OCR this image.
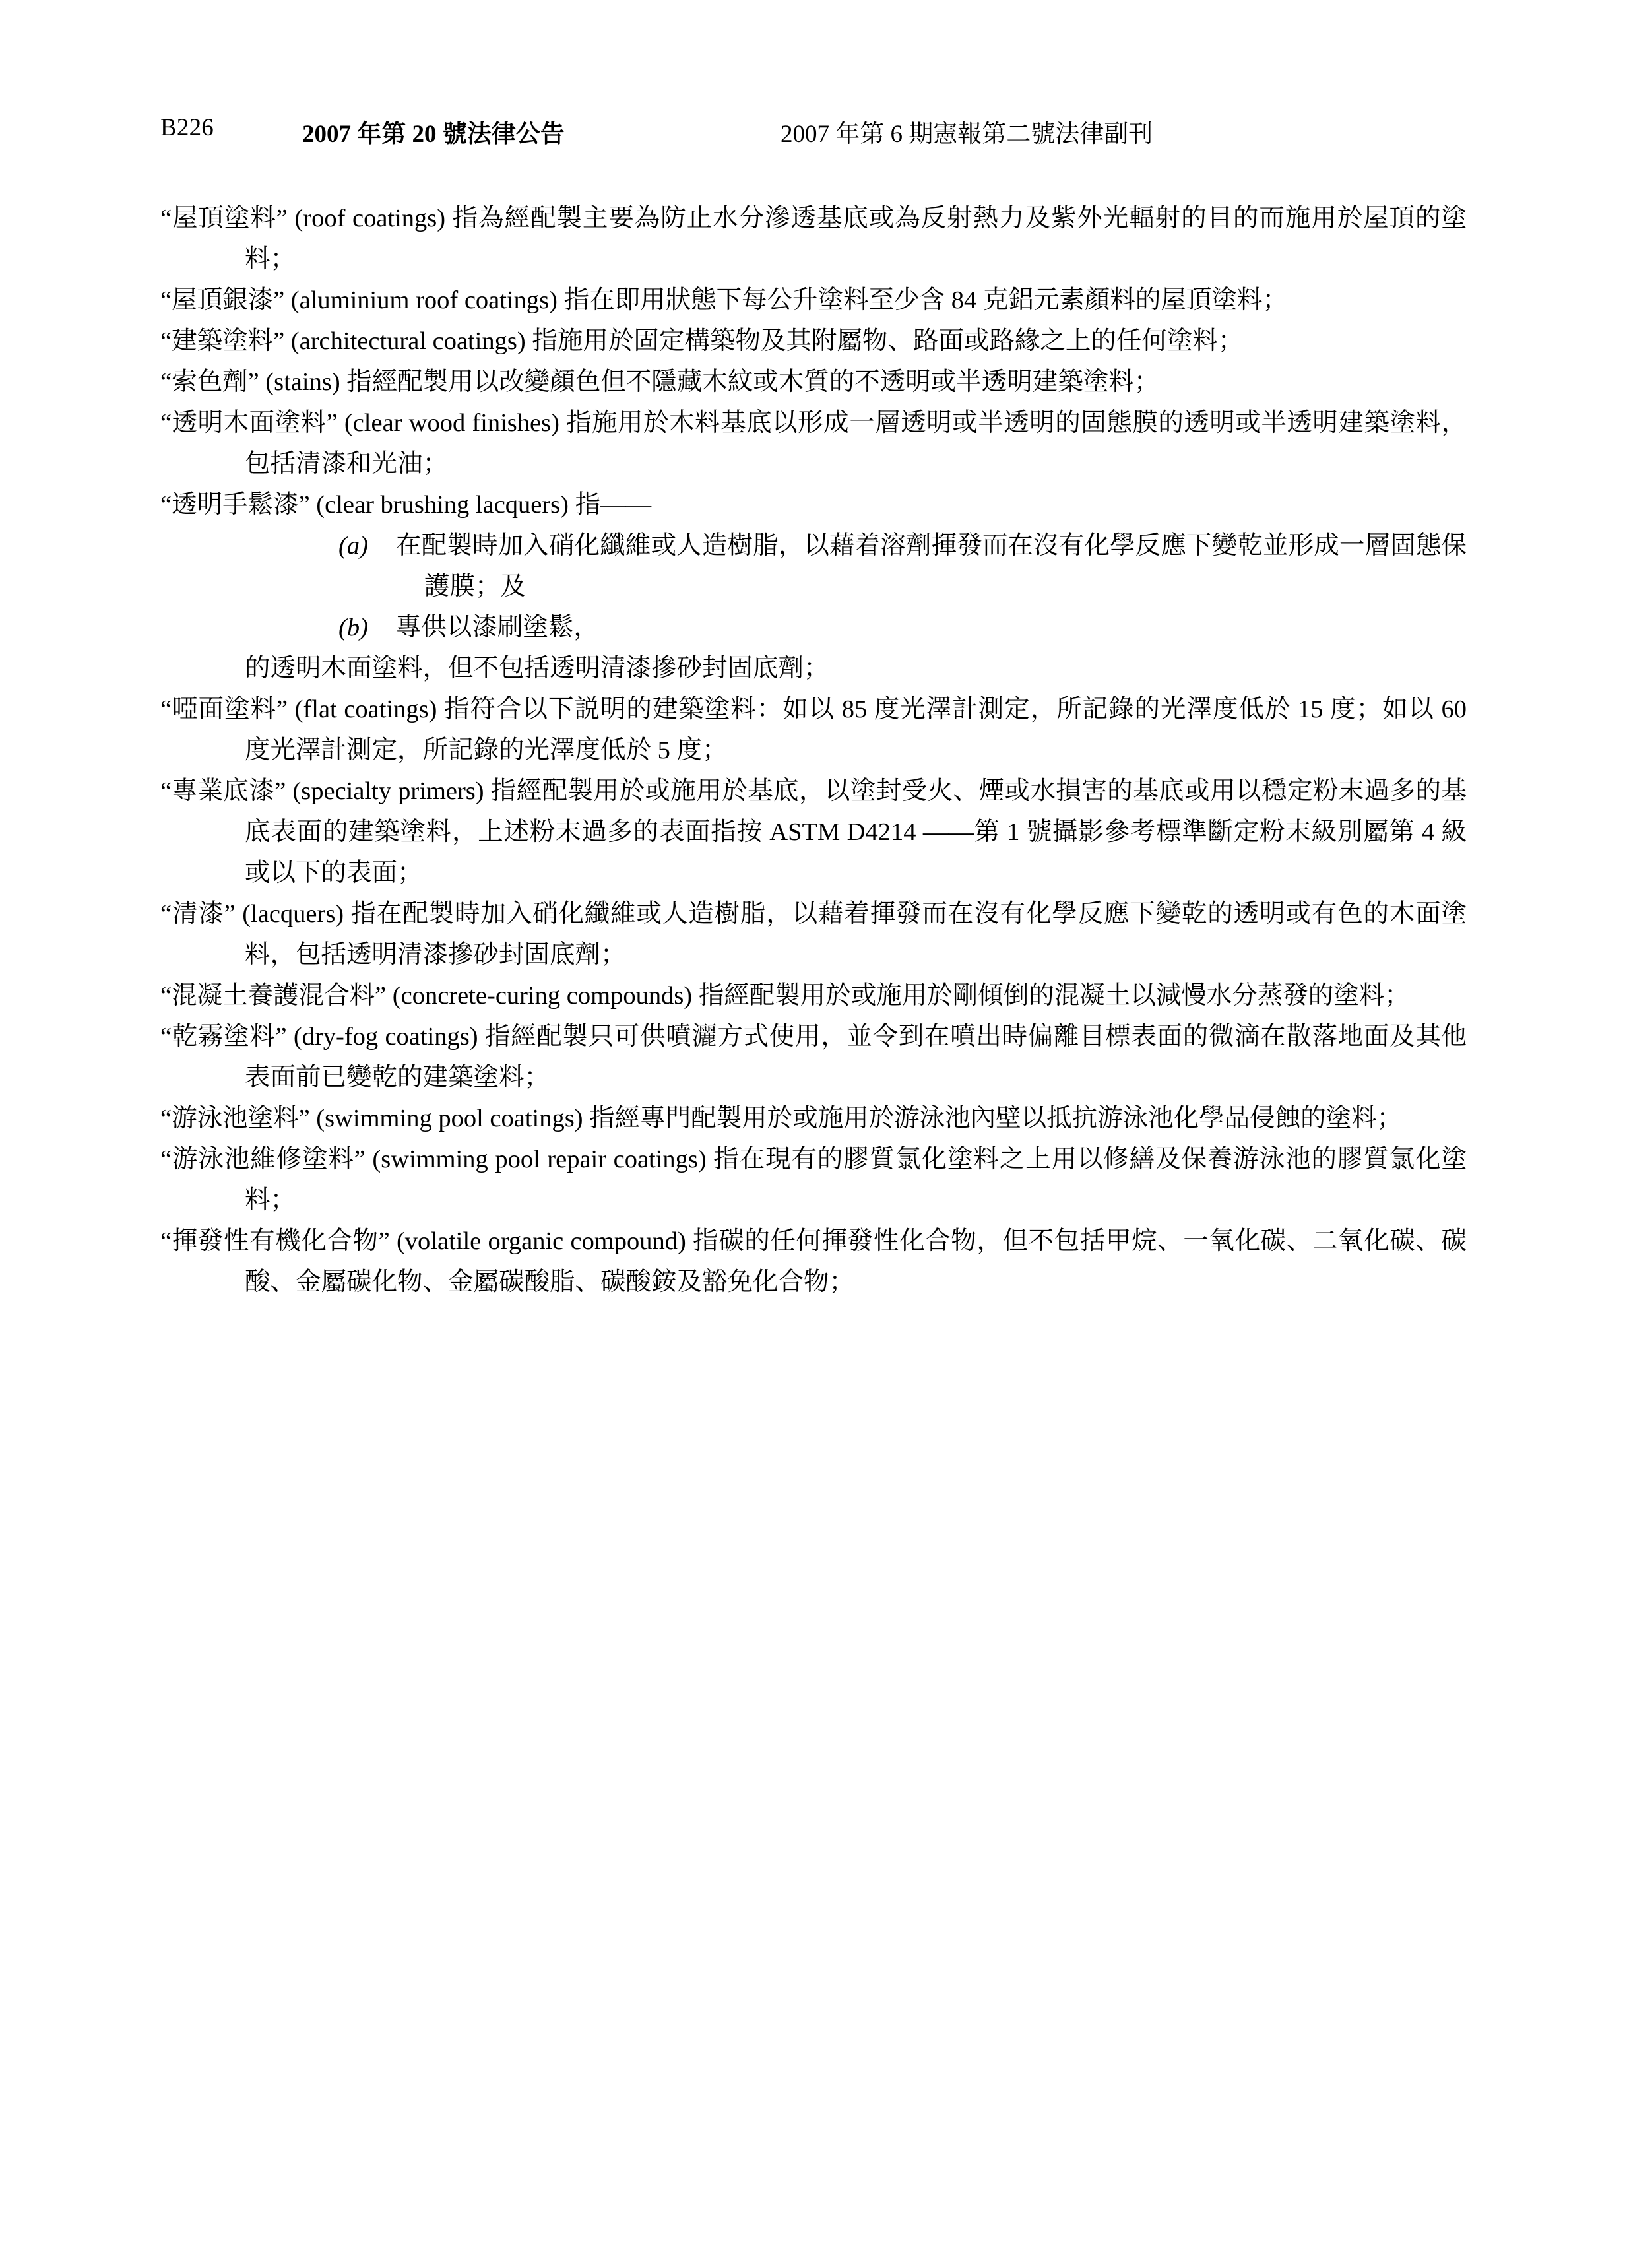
B226	2007 年第 20 號法律公告	2007 年第 6 期憲報第二號法律副刊

“屋頂塗料” (roof coatings) 指為經配製主要為防止水分滲透基底或為反射熱力及紫外光輻射的目的而施用於屋頂的塗料；

“屋頂銀漆” (aluminium roof coatings) 指在即用狀態下每公升塗料至少含 84 克鋁元素顏料的屋頂塗料；

“建築塗料” (architectural coatings) 指施用於固定構築物及其附屬物、路面或路緣之上的任何塗料；

“索色劑” (stains) 指經配製用以改變顏色但不隱藏木紋或木質的不透明或半透明建築塗料；

“透明木面塗料” (clear wood finishes) 指施用於木料基底以形成一層透明或半透明的固態膜的透明或半透明建築塗料，包括清漆和光油；

“透明手鬆漆” (clear brushing lacquers) 指——

(a) 在配製時加入硝化纖維或人造樹脂，以藉着溶劑揮發而在沒有化學反應下變乾並形成一層固態保護膜；及

(b) 專供以漆刷塗鬆，

的透明木面塗料，但不包括透明清漆摻砂封固底劑；

“啞面塗料” (flat coatings) 指符合以下説明的建築塗料：如以 85 度光澤計測定，所記錄的光澤度低於 15 度；如以 60 度光澤計測定，所記錄的光澤度低於 5 度；

“專業底漆” (specialty primers) 指經配製用於或施用於基底，以塗封受火、煙或水損害的基底或用以穩定粉末過多的基底表面的建築塗料，上述粉末過多的表面指按 ASTM D4214 ——第 1 號攝影參考標準斷定粉末級別屬第 4 級或以下的表面；

“清漆” (lacquers) 指在配製時加入硝化纖維或人造樹脂，以藉着揮發而在沒有化學反應下變乾的透明或有色的木面塗料，包括透明清漆摻砂封固底劑；

“混凝土養護混合料” (concrete-curing compounds) 指經配製用於或施用於剛傾倒的混凝土以減慢水分蒸發的塗料；

“乾霧塗料” (dry-fog coatings) 指經配製只可供噴灑方式使用，並令到在噴出時偏離目標表面的微滴在散落地面及其他表面前已變乾的建築塗料；

“游泳池塗料” (swimming pool coatings) 指經專門配製用於或施用於游泳池內壁以抵抗游泳池化學品侵蝕的塗料；

“游泳池維修塗料” (swimming pool repair coatings) 指在現有的膠質氯化塗料之上用以修繕及保養游泳池的膠質氯化塗料；

“揮發性有機化合物” (volatile organic compound) 指碳的任何揮發性化合物，但不包括甲烷、一氧化碳、二氧化碳、碳酸、金屬碳化物、金屬碳酸脂、碳酸銨及豁免化合物；
